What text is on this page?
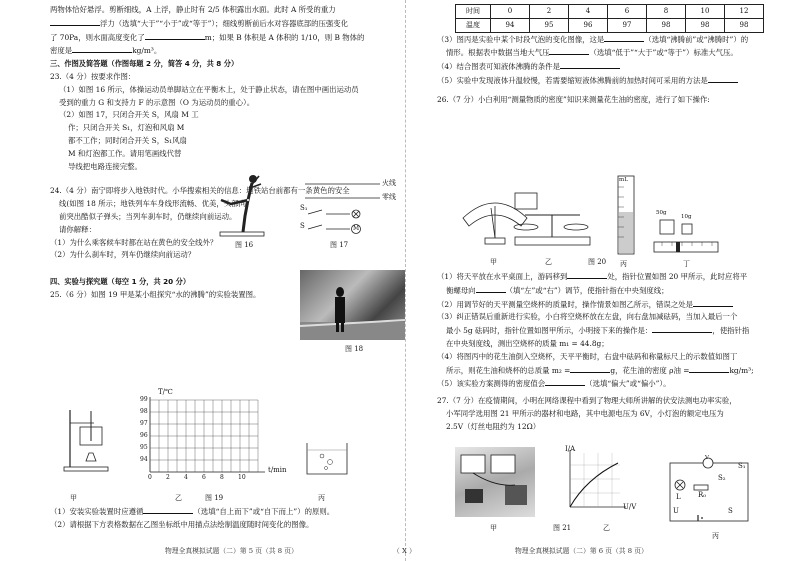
两物体恰好悬浮。剪断细线，A 上浮，静止时有 2/5 体积露出水面。此时 A 所受的重力
浮力（选填“大于”“小于”或“等于”）；细线剪断前后水对容器底部的压强变化
了 70Pa，则水面高度变化了	m；如果 B 体积是 A 体积的 1/10，则 B 物体的
密度是	kg/m³。
三、作图及简答题（作图每题 2 分，简答 4 分，共 8 分）
23.（4 分）按要求作图：
（1）如图 16 所示，体操运动员单脚站立在平衡木上，处于静止状态，请在图中画出运动员
受到的重力 G 和支持力 F 的示意图（O 为运动员的重心）。
（2）如图 17，只闭合开关 S，风扇 M 工
作；只闭合开关 S₁，灯泡和风扇 M
都不工作；同时闭合开关 S，S₁风扇
M 和灯泡都工作。请用笔画线代替
导线把电路连接完整。
24.（4 分）南宁即将步入地铁时代。小华搜索相关的信息：地铁站台前都有一条黄色的安全
线(如图 18 所示；地铁列车车身线形流畅、优美，头部向
前突出酷似子弹头；当列车刹车时，仍继续向前运动。
请你解释：
（1）为什么乘客候车时都在站在黄色的安全线外？
（2）为什么刹车时，列车仍继续向前运动？
四、实验与探究题（每空 1 分，共 20 分）
25.（6 分）如图 19 甲是某小组探究“水的沸腾”的实验装置图。
图 16
火线
零线
S₁
S	M
图 17
图 18
T/℃
t/min
99
98
97
96
95
94
0 2 4 6 8 10
甲	乙	图 19	丙
（1）安装实验装置时应遵循	（选填“自上而下”或“自下而上”）的原则。
（2）请根据下方表格数据在乙图坐标纸中用描点法绘制温度随时间变化的图像。
物理全真模拟试题（二）第 5 页（共 8 页）	（ X ）
时间	0	2	4	6	8	10	12
温度	94	95	96	97	98	98	98
（3）图丙是实验中某个时段气泡的变化图像，这是	（选填“沸腾前”或“沸腾时”）的
情形。根据表中数据当地大气压	（选填“低于”“大于”或“等于”）标准大气压。
（4）结合图表可知液体沸腾的条件是
（5）实验中发现液体升温较慢，若需要缩短液体沸腾前的加热时间可采用的方法是
26.（7 分）小白利用“测量物质的密度”知识来测量花生油的密度，进行了如下操作:
mL
50g
10g
甲	乙	图 20 丙	丁
（1）将天平放在水平桌面上，游码移到	处，指针位置如图 20 甲所示，此时应将平
衡螺母向	（填“左”或“右”）调节，使指针指在中央刻度线；
（2）用调节好的天平测量空烧杯的质量时，操作情景如图乙所示，错误之处是
（3）纠正错误后重新进行实验，小白将空烧杯放在左盘，向右盘加减砝码，当加入最后一个
最小 5g 砝码时，指针位置如图甲所示，小明接下来的操作是：	，使指针指
在中央刻度线，测出空烧杯的质量 m₁ = 44.8g；
（4）将图丙中的花生油倒入空烧杯，天平平衡时，右盘中砝码和称量标尺上的示数值如图丁
所示，则花生油和烧杯的总质量 m₂ =	g，花生油的密度 ρ油 =	kg/m³;
（5）该实验方案测得的密度值会	（选填“偏大”或“偏小”）。
27.（7 分）在疫情期间，小明在网络课程中看到了物理大师所讲解的伏安法测电功率实验，
小军同学选用图 21 甲所示的器材和电路，其中电源电压为 6V，小灯泡的额定电压为
2.5V（灯丝电阻约为 12Ω）
I/A
U/V
V
S₂
S₁
R₀
L
U	S
甲	图 21	乙
丙
物理全真模拟试题（二）第 6 页（共 8 页）
